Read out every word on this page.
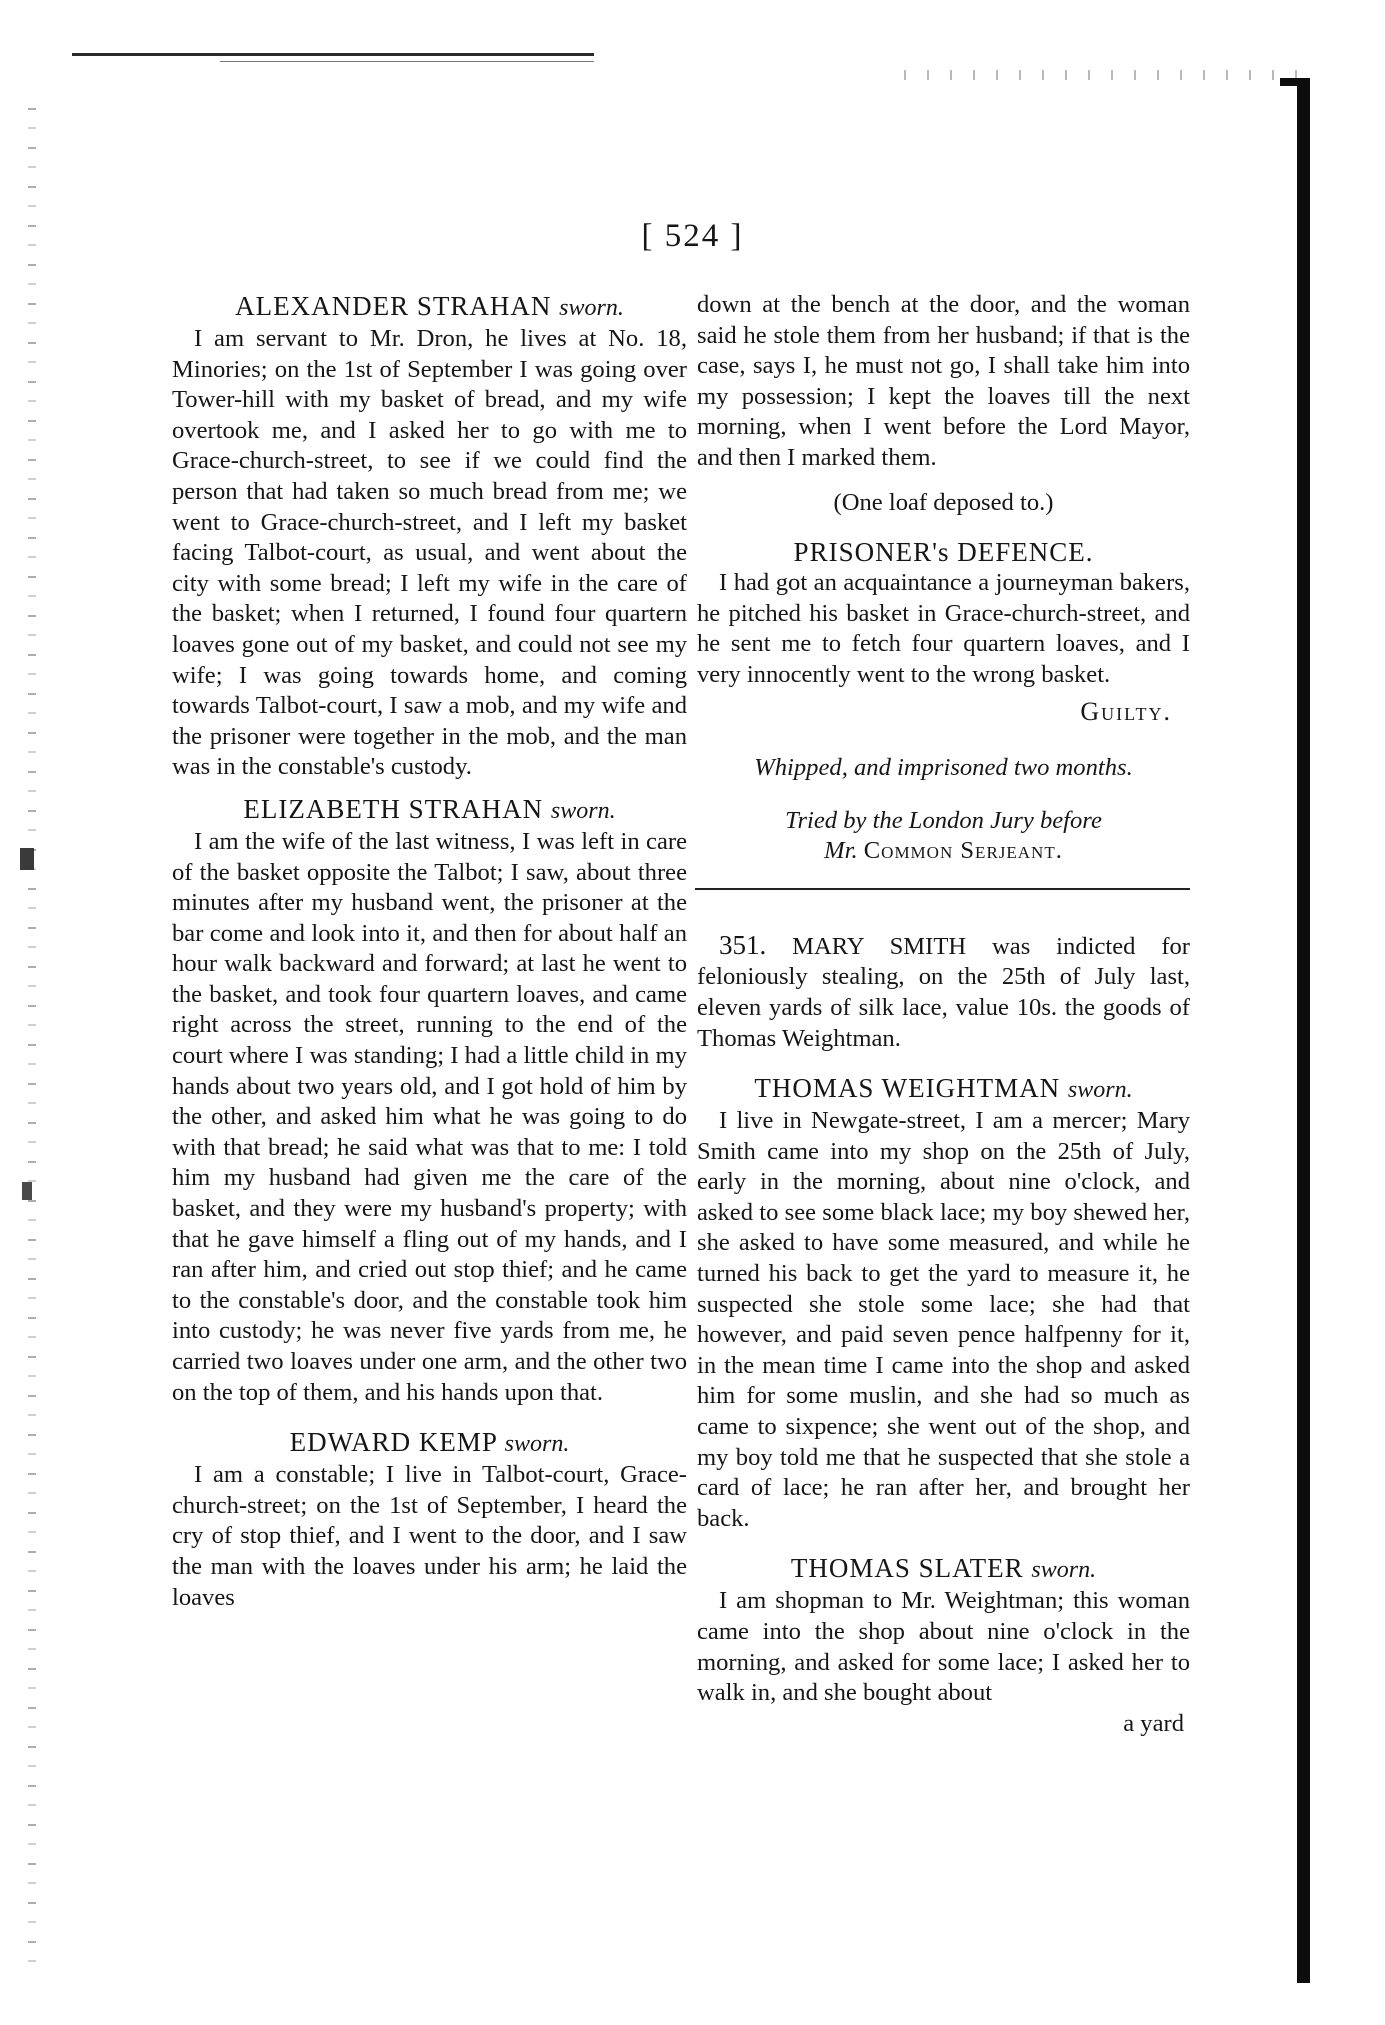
[ 524 ]

ALEXANDER STRAHAN sworn.

I am servant to Mr. Dron, he lives at No. 18, Minories; on the 1st of September I was going over Tower-hill with my basket of bread, and my wife overtook me, and I asked her to go with me to Grace-church-street, to see if we could find the person that had taken so much bread from me; we went to Grace-church-street, and I left my basket facing Talbot-court, as usual, and went about the city with some bread; I left my wife in the care of the basket; when I returned, I found four quartern loaves gone out of my basket, and could not see my wife; I was going towards home, and coming towards Talbot-court, I saw a mob, and my wife and the prisoner were together in the mob, and the man was in the constable's custody.

ELIZABETH STRAHAN sworn.

I am the wife of the last witness, I was left in care of the basket opposite the Talbot; I saw, about three minutes after my husband went, the prisoner at the bar come and look into it, and then for about half an hour walk backward and forward; at last he went to the basket, and took four quartern loaves, and came right across the street, running to the end of the court where I was standing; I had a little child in my hands about two years old, and I got hold of him by the other, and asked him what he was going to do with that bread; he said what was that to me: I told him my husband had given me the care of the basket, and they were my husband's property; with that he gave himself a fling out of my hands, and I ran after him, and cried out stop thief; and he came to the constable's door, and the constable took him into custody; he was never five yards from me, he carried two loaves under one arm, and the other two on the top of them, and his hands upon that.

EDWARD KEMP sworn.

I am a constable; I live in Talbot-court, Grace-church-street; on the 1st of September, I heard the cry of stop thief, and I went to the door, and I saw the man with the loaves under his arm; he laid the loaves

down at the bench at the door, and the woman said he stole them from her husband; if that is the case, says I, he must not go, I shall take him into my possession; I kept the loaves till the next morning, when I went before the Lord Mayor, and then I marked them.

(One loaf deposed to.)

PRISONER's DEFENCE.

I had got an acquaintance a journeyman bakers, he pitched his basket in Grace-church-street, and he sent me to fetch four quartern loaves, and I very innocently went to the wrong basket.

Guilty.

Whipped, and imprisoned two months.

Tried by the London Jury before
Mr. Common Serjeant.

351. MARY SMITH was indicted for feloniously stealing, on the 25th of July last, eleven yards of silk lace, value 10s. the goods of Thomas Weightman.

THOMAS WEIGHTMAN sworn.

I live in Newgate-street, I am a mercer; Mary Smith came into my shop on the 25th of July, early in the morning, about nine o'clock, and asked to see some black lace; my boy shewed her, she asked to have some measured, and while he turned his back to get the yard to measure it, he suspected she stole some lace; she had that however, and paid seven pence halfpenny for it, in the mean time I came into the shop and asked him for some muslin, and she had so much as came to sixpence; she went out of the shop, and my boy told me that he suspected that she stole a card of lace; he ran after her, and brought her back.

THOMAS SLATER sworn.

I am shopman to Mr. Weightman; this woman came into the shop about nine o'clock in the morning, and asked for some lace; I asked her to walk in, and she bought about

a yard
